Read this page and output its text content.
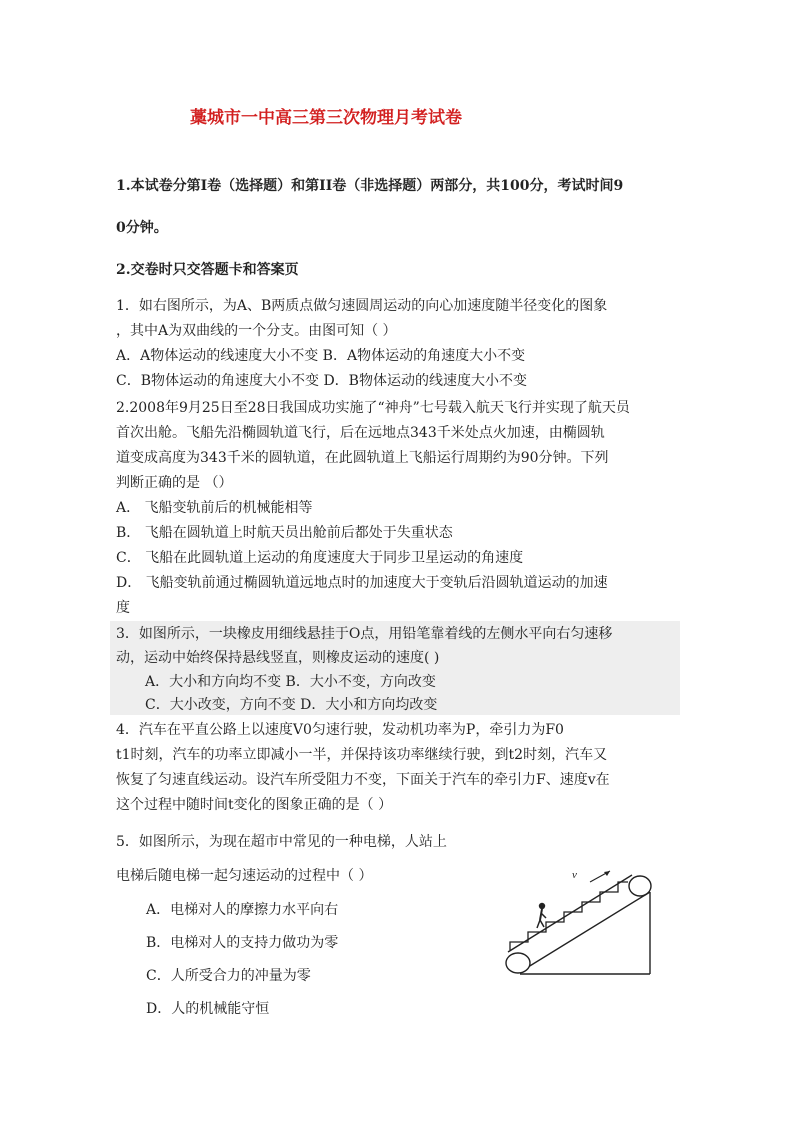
藁城市一中高三第三次物理月考试卷
1.本试卷分第I卷（选择题）和第II卷（非选择题）两部分，共100分，考试时间9
0分钟。
2.交卷时只交答题卡和答案页
1．如右图所示，为A、B两质点做匀速圆周运动的向心加速度随半径变化的图象
，其中A为双曲线的一个分支。由图可知（ ）
A．A物体运动的线速度大小不变 B．A物体运动的角速度大小不变
C．B物体运动的角速度大小不变 D．B物体运动的线速度大小不变
2.2008年9月25日至28日我国成功实施了“神舟”七号载入航天飞行并实现了航天员
首次出舱。飞船先沿椭圆轨道飞行，后在远地点343千米处点火加速，由椭圆轨
道变成高度为343千米的圆轨道，在此圆轨道上飞船运行周期约为90分钟。下列
判断正确的是 （）
A． 飞船变轨前后的机械能相等
B． 飞船在圆轨道上时航天员出舱前后都处于失重状态
C． 飞船在此圆轨道上运动的角度速度大于同步卫星运动的角速度
D． 飞船变轨前通过椭圆轨道远地点时的加速度大于变轨后沿圆轨道运动的加速
度
3．如图所示，一块橡皮用细线悬挂于O点，用铅笔靠着线的左侧水平向右匀速移
动，运动中始终保持悬线竖直，则橡皮运动的速度( )
A．大小和方向均不变 B．大小不变，方向改变
C．大小改变，方向不变 D．大小和方向均改变
4．汽车在平直公路上以速度V0匀速行驶，发动机功率为P，牵引力为F0
t1时刻，汽车的功率立即减小一半，并保持该功率继续行驶，到t2时刻，汽车又
恢复了匀速直线运动。设汽车所受阻力不变，下面关于汽车的牵引力F、速度v在
这个过程中随时间t变化的图象正确的是（ ）
5．如图所示，为现在超市中常见的一种电梯，人站上
电梯后随电梯一起匀速运动的过程中（ ）
A．电梯对人的摩擦力水平向右
B．电梯对人的支持力做功为零
C．人所受合力的冲量为零
D．人的机械能守恒
v
